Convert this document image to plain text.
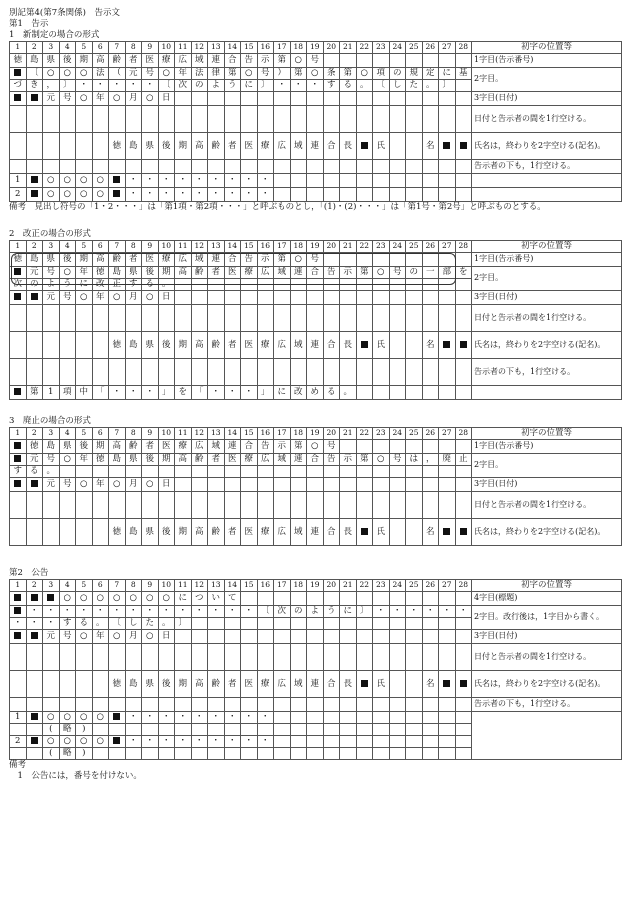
別記第4(第7条関係)　告示文
第1　告示
1　新制定の場合の形式
1	2	3	4	5	6	7	8	9	10	11	12	13	14	15	16	17	18	19	20	21	22	23	24	25	26	27	28	初字の位置等
徳	島	県	後	期	高	齢	者	医	療	広	域	連	合	告	示	第	○	号										1字目(告示番号)
	〔	○	○	○	法	（	元	号	○	年	法	律	第	○	号	）	第	○	条	第	○	項	の	規	定	に	基	2字目。
づ	き	，	〕	・	・	・	・	・	〔	次	の	よ	う	に	〕	・	・	・	す	る	。	〔	し	た	。	〕		
		元	号	○	年	○	月	○	日																			3字目(日付)
																												日付と告示者の間を1行空ける。
						徳	島	県	後	期	高	齢	者	医	療	広	域	連	合	長		氏			名			氏名は，終わりを2字空ける(記名)。
																												告示者の下も，1行空ける。
1		○	○	○	○		・	・	・	・	・	・	・	・	・													
2		○	○	○	○		・	・	・	・	・	・	・	・	・													
備考　見出し符号の「1・2・・・」は「第1項・第2項・・・」と呼ぶものとし，「(1)・(2)・・・」は「第1号・第2号」と呼ぶものとする。
2　改正の場合の形式
1	2	3	4	5	6	7	8	9	10	11	12	13	14	15	16	17	18	19	20	21	22	23	24	25	26	27	28	初字の位置等
徳	島	県	後	期	高	齢	者	医	療	広	域	連	合	告	示	第	○	号										1字目(告示番号)
	元	号	○	年	徳	島	県	後	期	高	齢	者	医	療	広	域	連	合	告	示	第	○	号	の	一	部	を	2字目。
次	の	よ	う	に	改	正	す	る	。																			
		元	号	○	年	○	月	○	日																			3字目(日付)
																												日付と告示者の間を1行空ける。
						徳	島	県	後	期	高	齢	者	医	療	広	域	連	合	長		氏			名			氏名は，終わりを2字空ける(記名)。
																												告示者の下も，1行空ける。
	第	1	項	中	「	・	・	・	」	を	「	・	・	・	」	に	改	め	る	。								
3　廃止の場合の形式
1	2	3	4	5	6	7	8	9	10	11	12	13	14	15	16	17	18	19	20	21	22	23	24	25	26	27	28	初字の位置等
	徳	島	県	後	期	高	齢	者	医	療	広	域	連	合	告	示	第	○	号									1字目(告示番号)
	元	号	○	年	徳	島	県	後	期	高	齢	者	医	療	広	域	連	合	告	示	第	○	号	は	，	廃	止	2字目。
す	る	。																										
		元	号	○	年	○	月	○	日																			3字目(日付)
																												日付と告示者の間を1行空ける。
						徳	島	県	後	期	高	齢	者	医	療	広	域	連	合	長		氏			名			氏名は，終わりを2字空ける(記名)。
第2　公告
1	2	3	4	5	6	7	8	9	10	11	12	13	14	15	16	17	18	19	20	21	22	23	24	25	26	27	28	初字の位置等
			○	○	○	○	○	○	○	に	つ	い	て															4字目(標題)
	・	・	・	・	・	・	・	・	・	・	・	・	・	・	〔	次	の	よ	う	に	〕	・	・	・	・	・	・	2字目。改行後は，1字目から書く。
・	・	・	す	る	。	〔	し	た	。	〕																		
		元	号	○	年	○	月	○	日																			3字目(日付)
																												日付と告示者の間を1行空ける。
						徳	島	県	後	期	高	齢	者	医	療	広	域	連	合	長		氏			名			氏名は，終わりを2字空ける(記名)。
																												告示者の下も，1行空ける。
1		○	○	○	○		・	・	・	・	・	・	・	・	・													
		(	略	)																								
2		○	○	○	○		・	・	・	・	・	・	・	・	・													
		(	略	)																								
備考
　1　公告には，番号を付けない。
